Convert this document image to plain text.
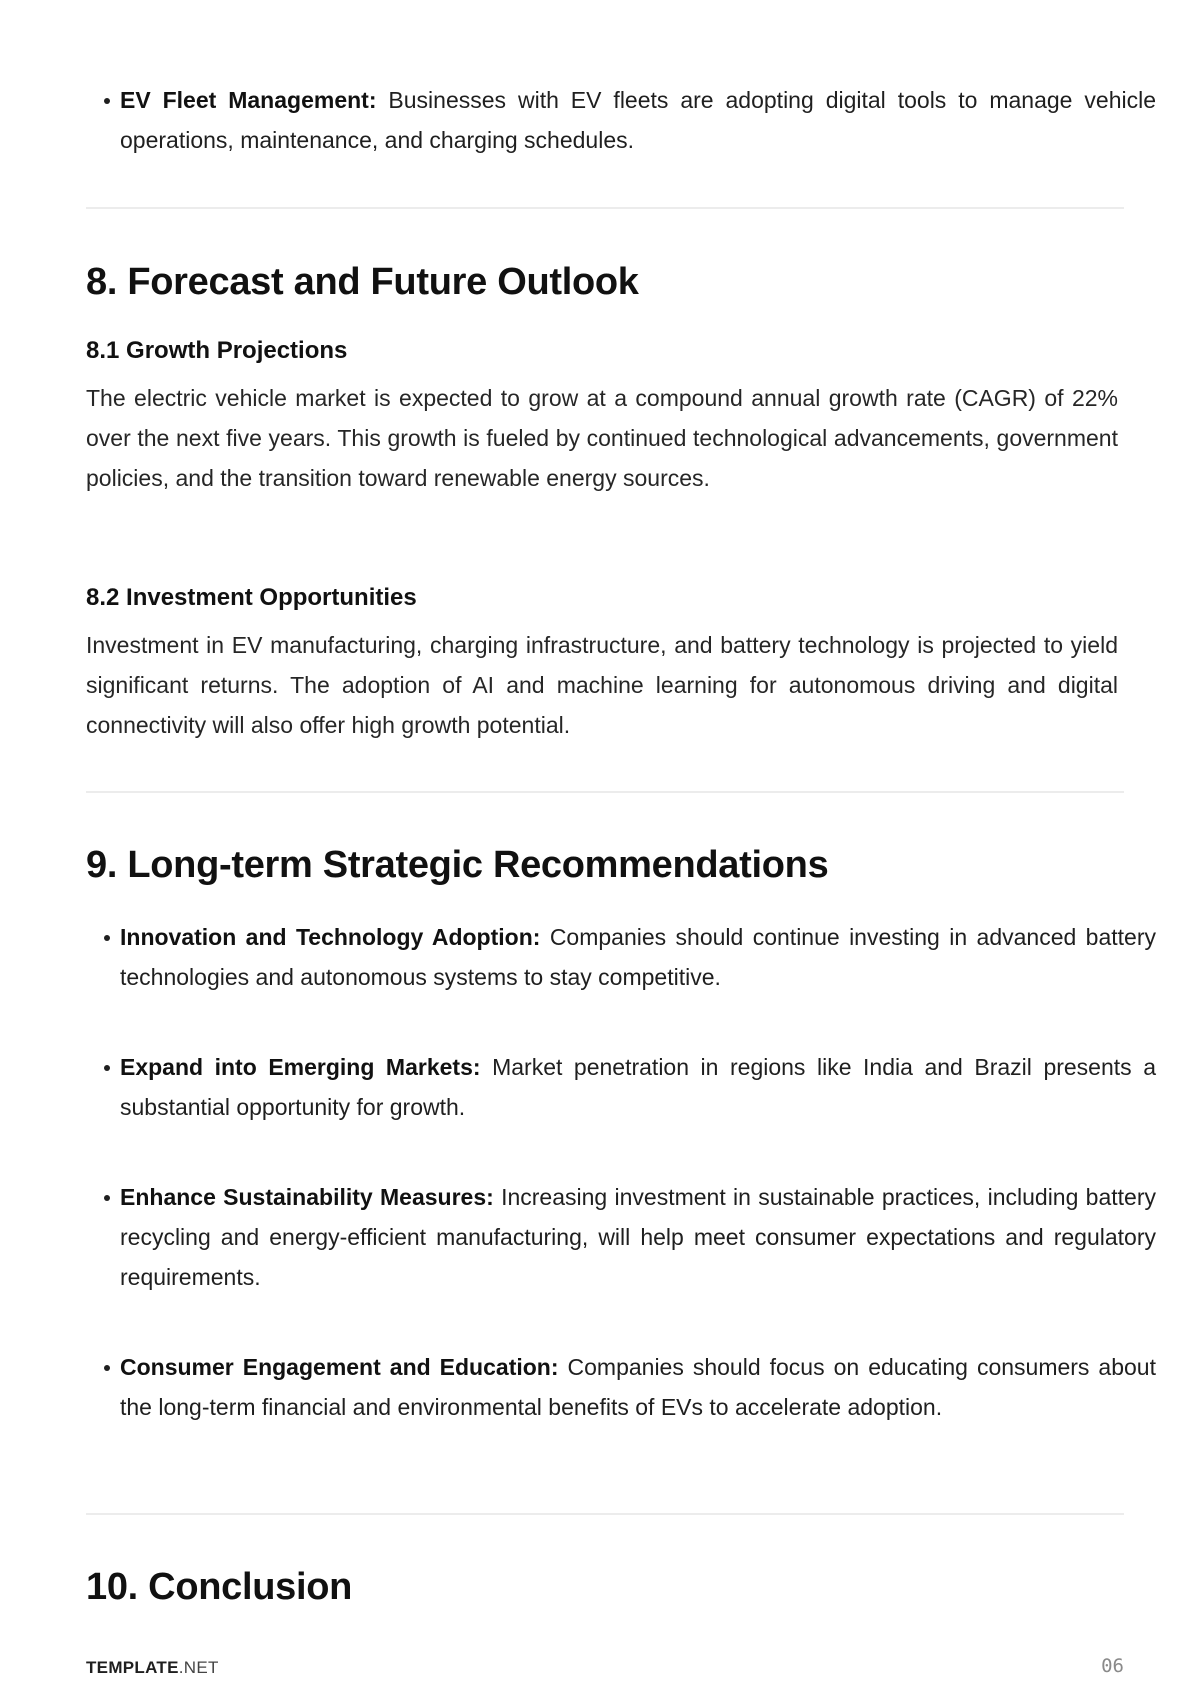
EV Fleet Management: Businesses with EV fleets are adopting digital tools to manage vehicle operations, maintenance, and charging schedules.
8. Forecast and Future Outlook
8.1 Growth Projections

The electric vehicle market is expected to grow at a compound annual growth rate (CAGR) of 22% over the next five years. This growth is fueled by continued technological advancements, government policies, and the transition toward renewable energy sources.

8.2 Investment Opportunities

Investment in EV manufacturing, charging infrastructure, and battery technology is projected to yield significant returns. The adoption of AI and machine learning for autonomous driving and digital connectivity will also offer high growth potential.

9. Long-term Strategic Recommendations
Innovation and Technology Adoption: Companies should continue investing in advanced battery technologies and autonomous systems to stay competitive.
Expand into Emerging Markets: Market penetration in regions like India and Brazil presents a substantial opportunity for growth.
Enhance Sustainability Measures: Increasing investment in sustainable practices, including battery recycling and energy-efficient manufacturing, will help meet consumer expectations and regulatory requirements.
Consumer Engagement and Education: Companies should focus on educating consumers about the long-term financial and environmental benefits of EVs to accelerate adoption.
10. Conclusion
TEMPLATE.NET	06
